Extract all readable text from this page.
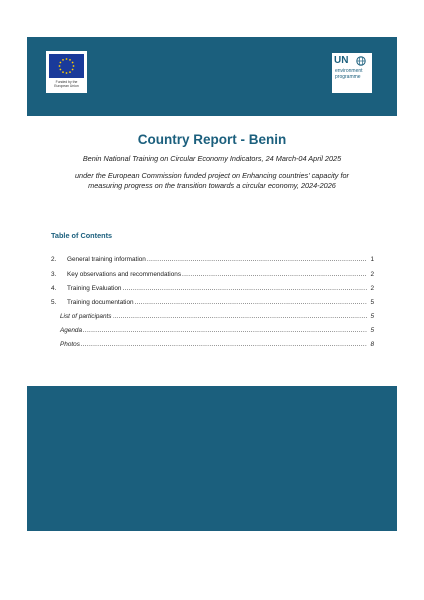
Funded by the European Union
UN
environment programme
Country Report - Benin
Benin National Training on Circular Economy Indicators, 24 March-04 April 2025
under the European Commission funded project on Enhancing countries' capacity for measuring progress on the transition towards a circular economy, 2024-2026
Table of Contents
2.	General training information .....	1
3.	Key observations and recommendations .....	2
4.	Training Evaluation .....	2
5.	Training documentation .....	5
List of participants .....	5
Agenda .....	5
Photos .....	8
